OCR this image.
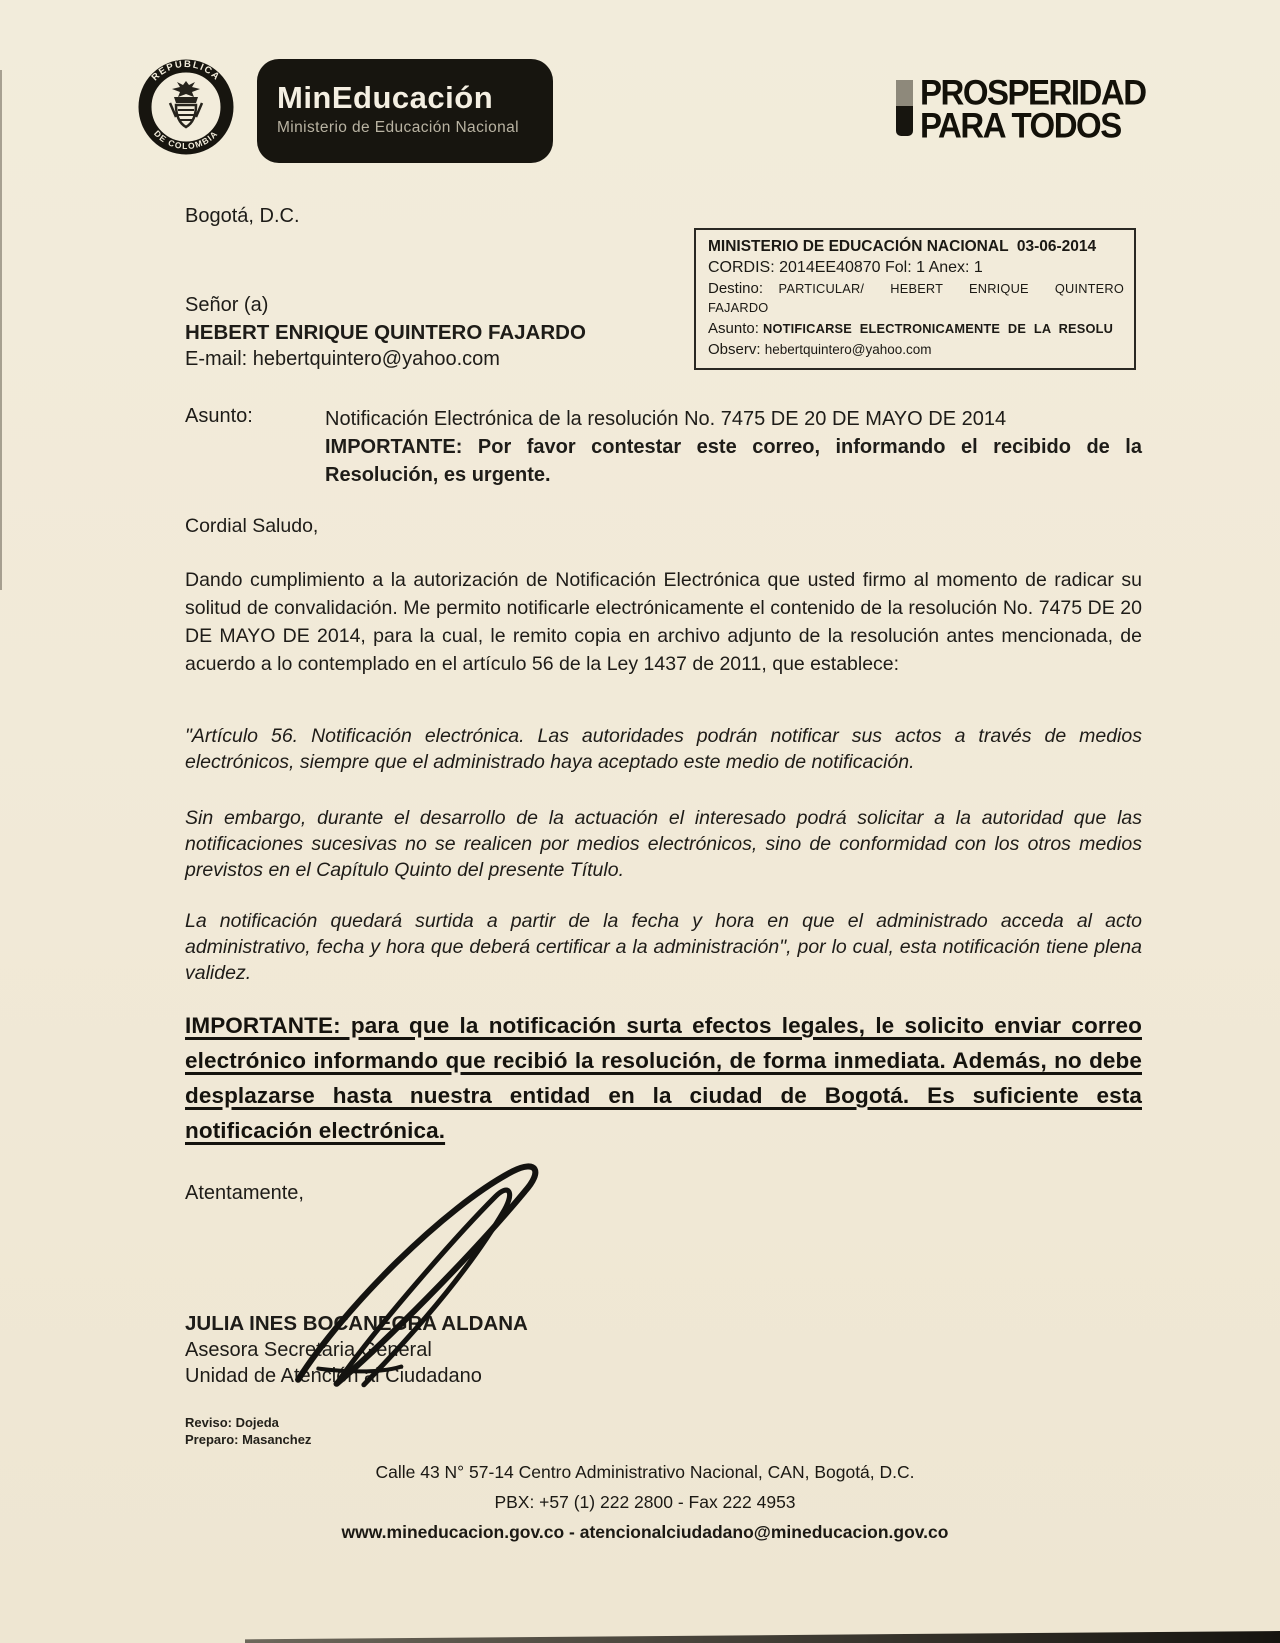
REPÚBLICA
DE COLOMBIA
MinEducación
Ministerio de Educación Nacional
PROSPERIDAD
PARA TODOS
Bogotá, D.C.
MINISTERIO DE EDUCACIÓN NACIONAL  03-06-2014
CORDIS: 2014EE40870 Fol: 1 Anex: 1
Destino: PARTICULAR/ HEBERT ENRIQUE QUINTERO FAJARDO
Asunto: NOTIFICARSE ELECTRONICAMENTE DE LA RESOLU
Observ: hebertquintero@yahoo.com
Señor (a)
HEBERT ENRIQUE QUINTERO FAJARDO
E-mail: hebertquintero@yahoo.com
Asunto:	Notificación Electrónica de la resolución No. 7475 DE 20 DE MAYO DE 2014
IMPORTANTE: Por favor contestar este correo, informando el recibido de la Resolución, es urgente.
Cordial Saludo,
Dando cumplimiento a la autorización de Notificación Electrónica que usted firmo al momento de radicar su solitud de convalidación. Me permito notificarle electrónicamente el contenido de la resolución No. 7475 DE 20 DE MAYO DE 2014, para la cual, le remito copia en archivo adjunto de la resolución antes mencionada, de acuerdo a lo contemplado en el artículo 56 de la Ley 1437 de 2011, que establece:
"Artículo 56. Notificación electrónica. Las autoridades podrán notificar sus actos a través de medios electrónicos, siempre que el administrado haya aceptado este medio de notificación.
Sin embargo, durante el desarrollo de la actuación el interesado podrá solicitar a la autoridad que las notificaciones sucesivas no se realicen por medios electrónicos, sino de conformidad con los otros medios previstos en el Capítulo Quinto del presente Título.
La notificación quedará surtida a partir de la fecha y hora en que el administrado acceda al acto administrativo, fecha y hora que deberá certificar a la administración", por lo cual, esta notificación tiene plena validez.
IMPORTANTE: para que la notificación surta efectos legales, le solicito enviar correo electrónico informando que recibió la resolución, de forma inmediata. Además, no debe desplazarse hasta nuestra entidad en la ciudad de Bogotá. Es suficiente esta notificación electrónica.
Atentamente,
JULIA INES BOCANEGRA ALDANA
Asesora Secretaria General
Unidad de Atención al Ciudadano
Reviso: Dojeda
Preparo: Masanchez
Calle 43 N° 57-14 Centro Administrativo Nacional, CAN, Bogotá, D.C.
PBX: +57 (1) 222 2800 - Fax 222 4953
www.mineducacion.gov.co - atencionalciudadano@mineducacion.gov.co
